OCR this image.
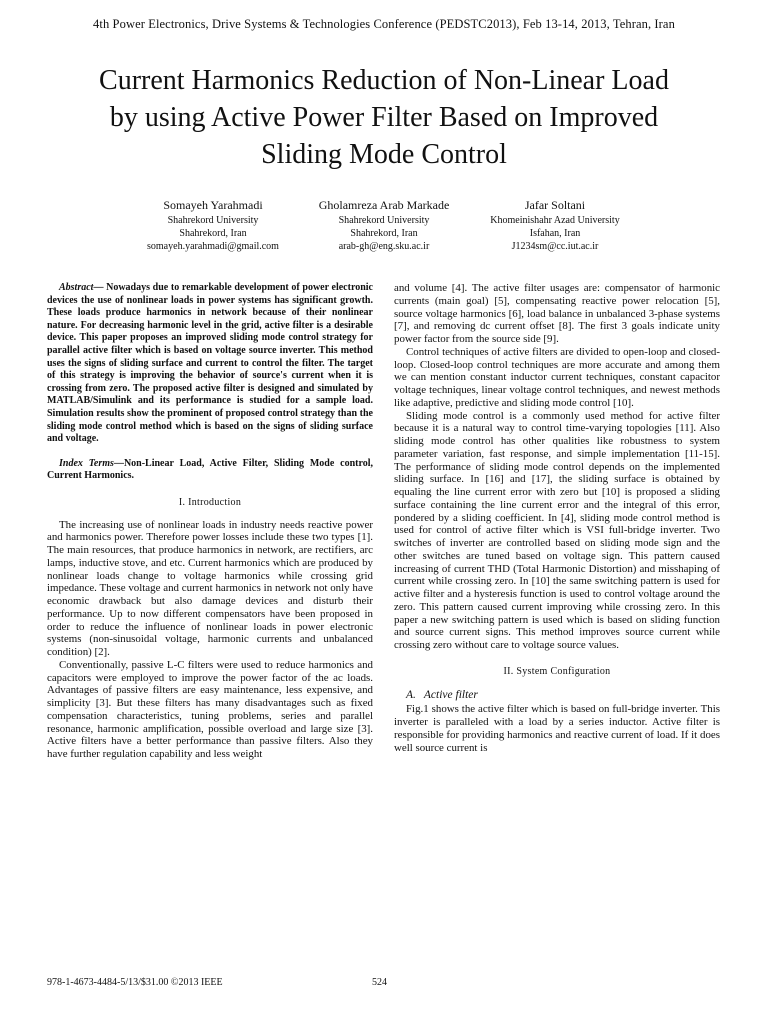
4th Power Electronics, Drive Systems & Technologies Conference (PEDSTC2013), Feb 13-14, 2013, Tehran, Iran
Current Harmonics Reduction of Non-Linear Load
by using Active Power Filter Based on Improved
Sliding Mode Control
Somayeh Yarahmadi
Shahrekord University
Shahrekord, Iran
somayeh.yarahmadi@gmail.com
Gholamreza Arab Markade
Shahrekord University
Shahrekord, Iran
arab-gh@eng.sku.ac.ir
Jafar Soltani
Khomeinishahr Azad University
Isfahan, Iran
J1234sm@cc.iut.ac.ir

Abstract— Nowadays due to remarkable development of power electronic devices the use of nonlinear loads in power systems has significant growth. These loads produce harmonics in network because of their nonlinear nature. For decreasing harmonic level in the grid, active filter is a desirable device. This paper proposes an improved sliding mode control strategy for parallel active filter which is based on voltage source inverter. This method uses the signs of sliding surface and current to control the filter. The target of this strategy is improving the behavior of source's current when it is crossing from zero. The proposed active filter is designed and simulated by MATLAB/Simulink and its performance is studied for a sample load. Simulation results show the prominent of proposed control strategy than the sliding mode control method which is based on the signs of sliding surface and voltage.

Index Terms—Non-Linear Load, Active Filter, Sliding Mode control, Current Harmonics.

I. Introduction

The increasing use of nonlinear loads in industry needs reactive power and harmonics power. Therefore power losses include these two types [1]. The main resources, that produce harmonics in network, are rectifiers, arc lamps, inductive stove, and etc. Current harmonics which are produced by nonlinear loads change to voltage harmonics while crossing grid impedance. These voltage and current harmonics in network not only have economic drawback but also damage devices and disturb their performance. Up to now different compensators have been proposed in order to reduce the influence of nonlinear loads in power electronic systems (non-sinusoidal voltage, harmonic currents and unbalanced condition) [2].

Conventionally, passive L-C filters were used to reduce harmonics and capacitors were employed to improve the power factor of the ac loads. Advantages of passive filters are easy maintenance, less expensive, and simplicity [3]. But these filters has many disadvantages such as fixed compensation characteristics, tuning problems, series and parallel resonance, harmonic amplification, possible overload and large size [3]. Active filters have a better performance than passive filters. Also they have further regulation capability and less weight

and volume [4]. The active filter usages are: compensator of harmonic currents (main goal) [5], compensating reactive power relocation [5], source voltage harmonics [6], load balance in unbalanced 3-phase systems [7], and removing dc current offset [8]. The first 3 goals indicate unity power factor from the source side [9].

Control techniques of active filters are divided to open-loop and closed-loop. Closed-loop control techniques are more accurate and among them we can mention constant inductor current techniques, constant capacitor voltage techniques, linear voltage control techniques, and newest methods like adaptive, predictive and sliding mode control [10].

Sliding mode control is a commonly used method for active filter because it is a natural way to control time-varying topologies [11]. Also sliding mode control has other qualities like robustness to system parameter variation, fast response, and simple implementation [11-15]. The performance of sliding mode control depends on the implemented sliding surface. In [16] and [17], the sliding surface is obtained by equaling the line current error with zero but [10] is proposed a sliding surface containing the line current error and the integral of this error, pondered by a sliding coefficient. In [4], sliding mode control method is used for control of active filter which is VSI full-bridge inverter. Two switches of inverter are controlled based on sliding mode sign and the other switches are tuned based on voltage sign. This pattern caused increasing of current THD (Total Harmonic Distortion) and misshaping of current while crossing zero. In [10] the same switching pattern is used for active filter and a hysteresis function is used to control voltage around the zero. This pattern caused current improving while crossing zero. In this paper a new switching pattern is used which is based on sliding function and source current signs. This method improves source current while crossing zero without care to voltage source values.

II. System Configuration

A. Active filter

Fig.1 shows the active filter which is based on full-bridge inverter. This inverter is paralleled with a load by a series inductor. Active filter is responsible for providing harmonics and reactive current of load. If it does well source current is

978-1-4673-4484-5/13/$31.00 ©2013 IEEE	524
